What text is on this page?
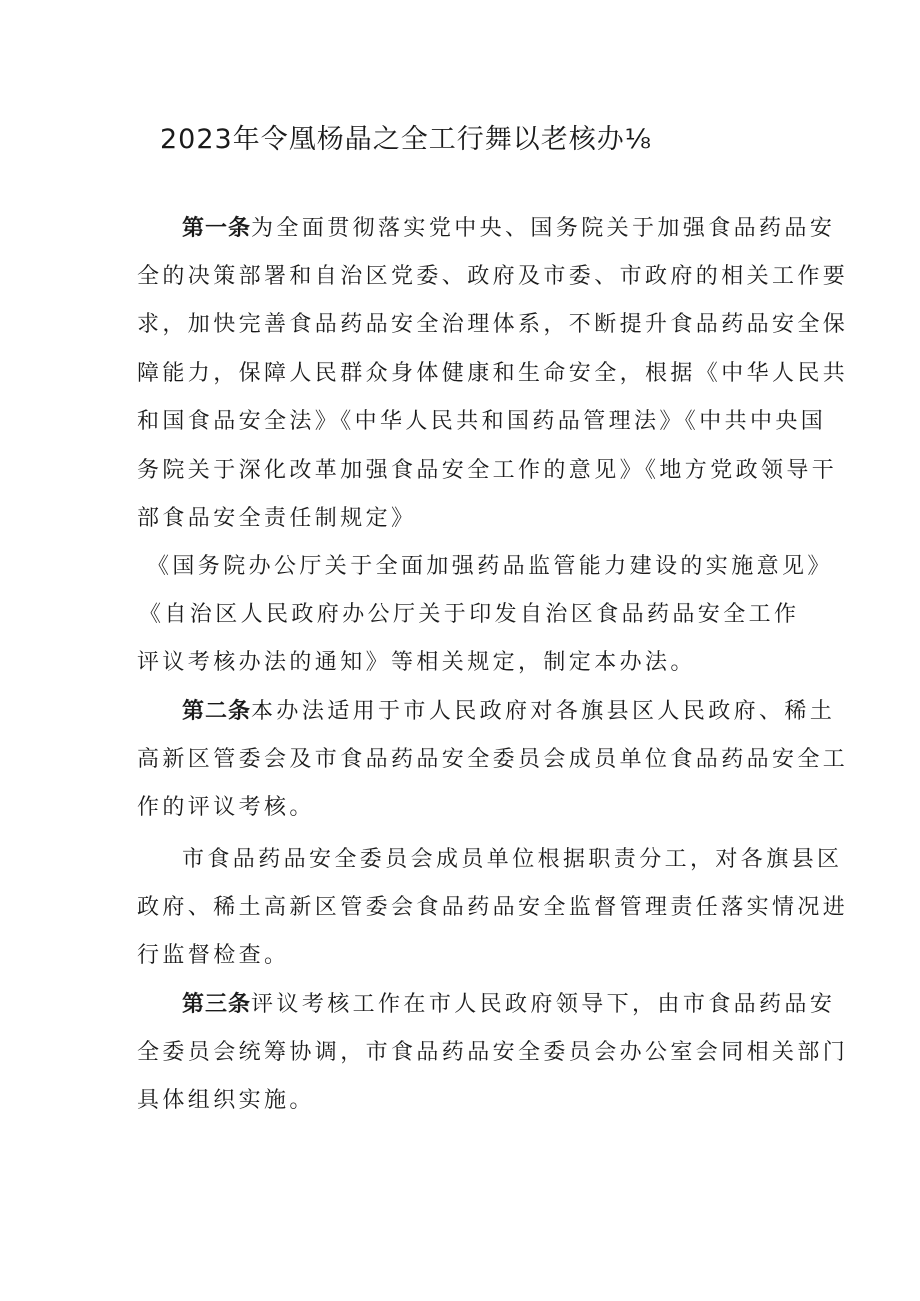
2023年令凰杨晶之全工行舞以老核办⅛
第一条为全面贯彻落实党中央、国务院关于加强食品药品安
全的决策部署和自治区党委、政府及市委、市政府的相关工作要
求，加快完善食品药品安全治理体系，不断提升食品药品安全保
障能力，保障人民群众身体健康和生命安全，根据《中华人民共
和国食品安全法》《中华人民共和国药品管理法》《中共中央国
务院关于深化改革加强食品安全工作的意见》《地方党政领导干
部食品安全责任制规定》
《国务院办公厅关于全面加强药品监管能力建设的实施意见》
《自治区人民政府办公厅关于印发自治区食品药品安全工作
评议考核办法的通知》等相关规定，制定本办法。
第二条本办法适用于市人民政府对各旗县区人民政府、稀土
高新区管委会及市食品药品安全委员会成员单位食品药品安全工
作的评议考核。
市食品药品安全委员会成员单位根据职责分工，对各旗县区
政府、稀土高新区管委会食品药品安全监督管理责任落实情况进
行监督检查。
第三条评议考核工作在市人民政府领导下，由市食品药品安
全委员会统筹协调，市食品药品安全委员会办公室会同相关部门
具体组织实施。
